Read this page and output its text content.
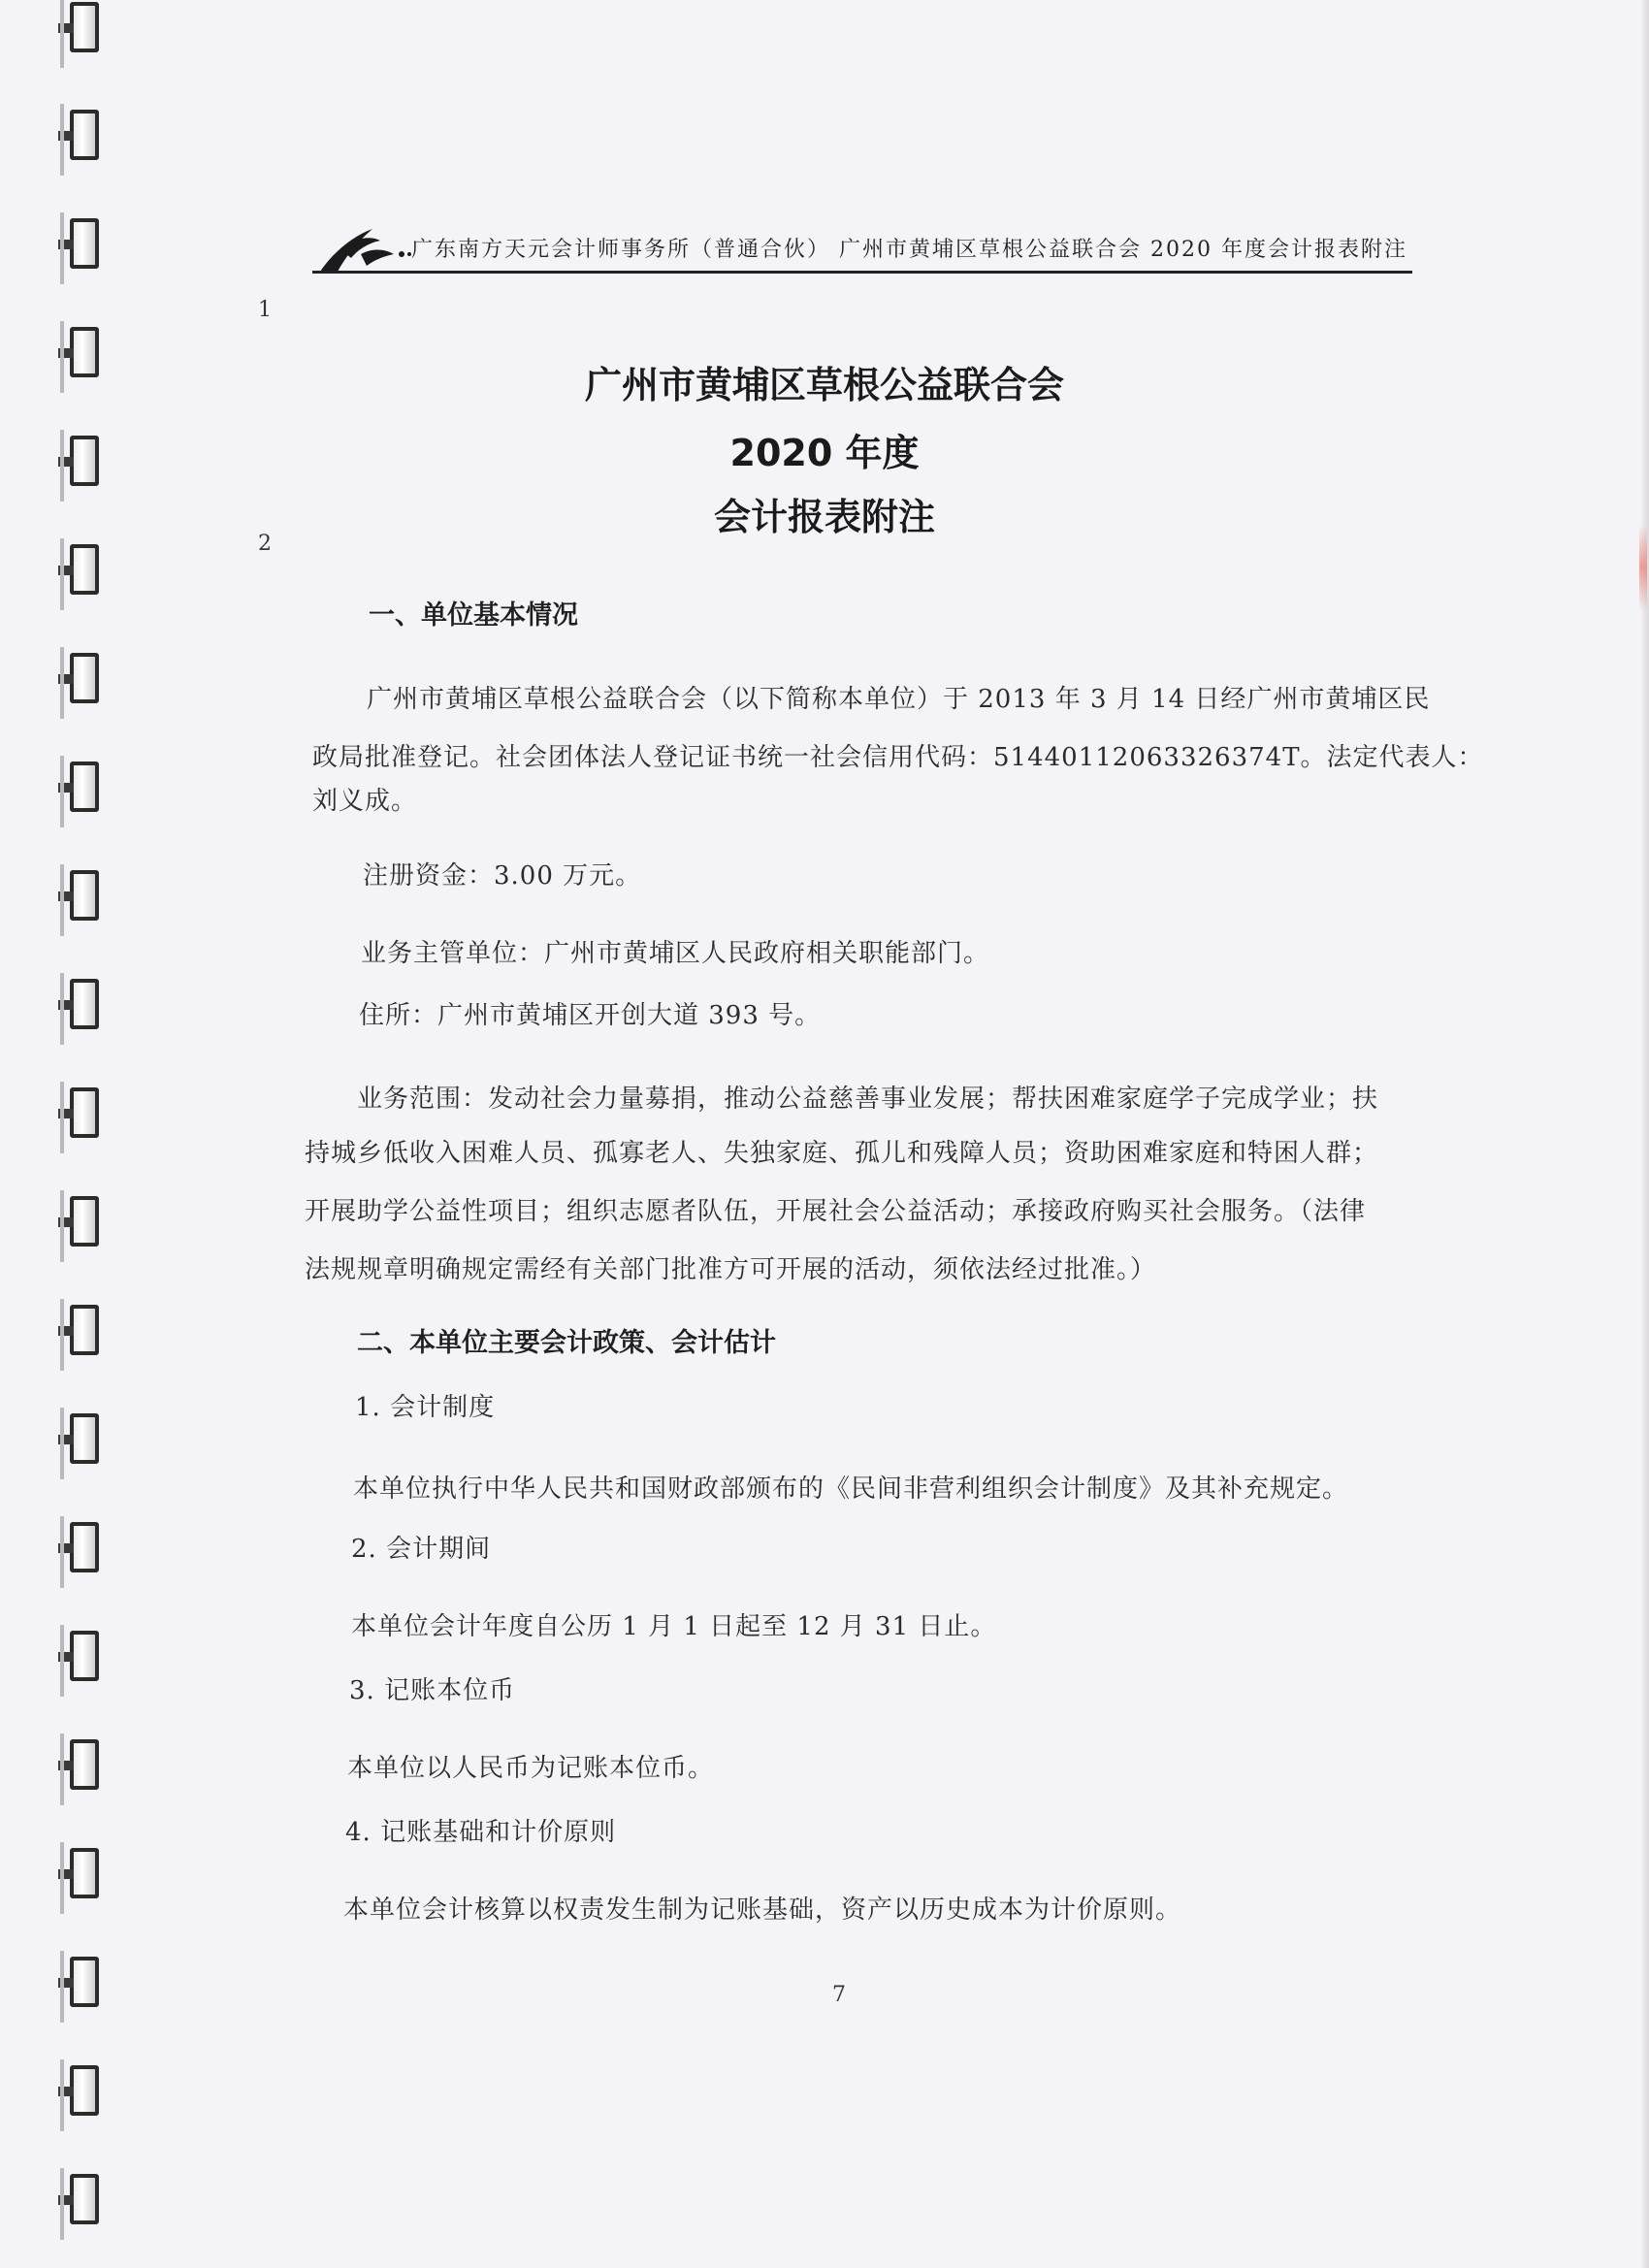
广东南方天元会计师事务所（普通合伙） 广州市黄埔区草根公益联合会 2020 年度会计报表附注
1
2
广州市黄埔区草根公益联合会
2020 年度
会计报表附注
一、单位基本情况
广州市黄埔区草根公益联合会（以下简称本单位）于 2013 年 3 月 14 日经广州市黄埔区民
政局批准登记。社会团体法人登记证书统一社会信用代码：51440112063326374T。法定代表人：
刘义成。
注册资金：3.00 万元。
业务主管单位：广州市黄埔区人民政府相关职能部门。
住所：广州市黄埔区开创大道 393 号。
业务范围：发动社会力量募捐，推动公益慈善事业发展；帮扶困难家庭学子完成学业；扶
持城乡低收入困难人员、孤寡老人、失独家庭、孤儿和残障人员；资助困难家庭和特困人群；
开展助学公益性项目；组织志愿者队伍，开展社会公益活动；承接政府购买社会服务。（法律
法规规章明确规定需经有关部门批准方可开展的活动，须依法经过批准。）
二、本单位主要会计政策、会计估计
1. 会计制度
本单位执行中华人民共和国财政部颁布的《民间非营利组织会计制度》及其补充规定。
2. 会计期间
本单位会计年度自公历 1 月 1 日起至 12 月 31 日止。
3. 记账本位币
本单位以人民币为记账本位币。
4. 记账基础和计价原则
本单位会计核算以权责发生制为记账基础，资产以历史成本为计价原则。
7
